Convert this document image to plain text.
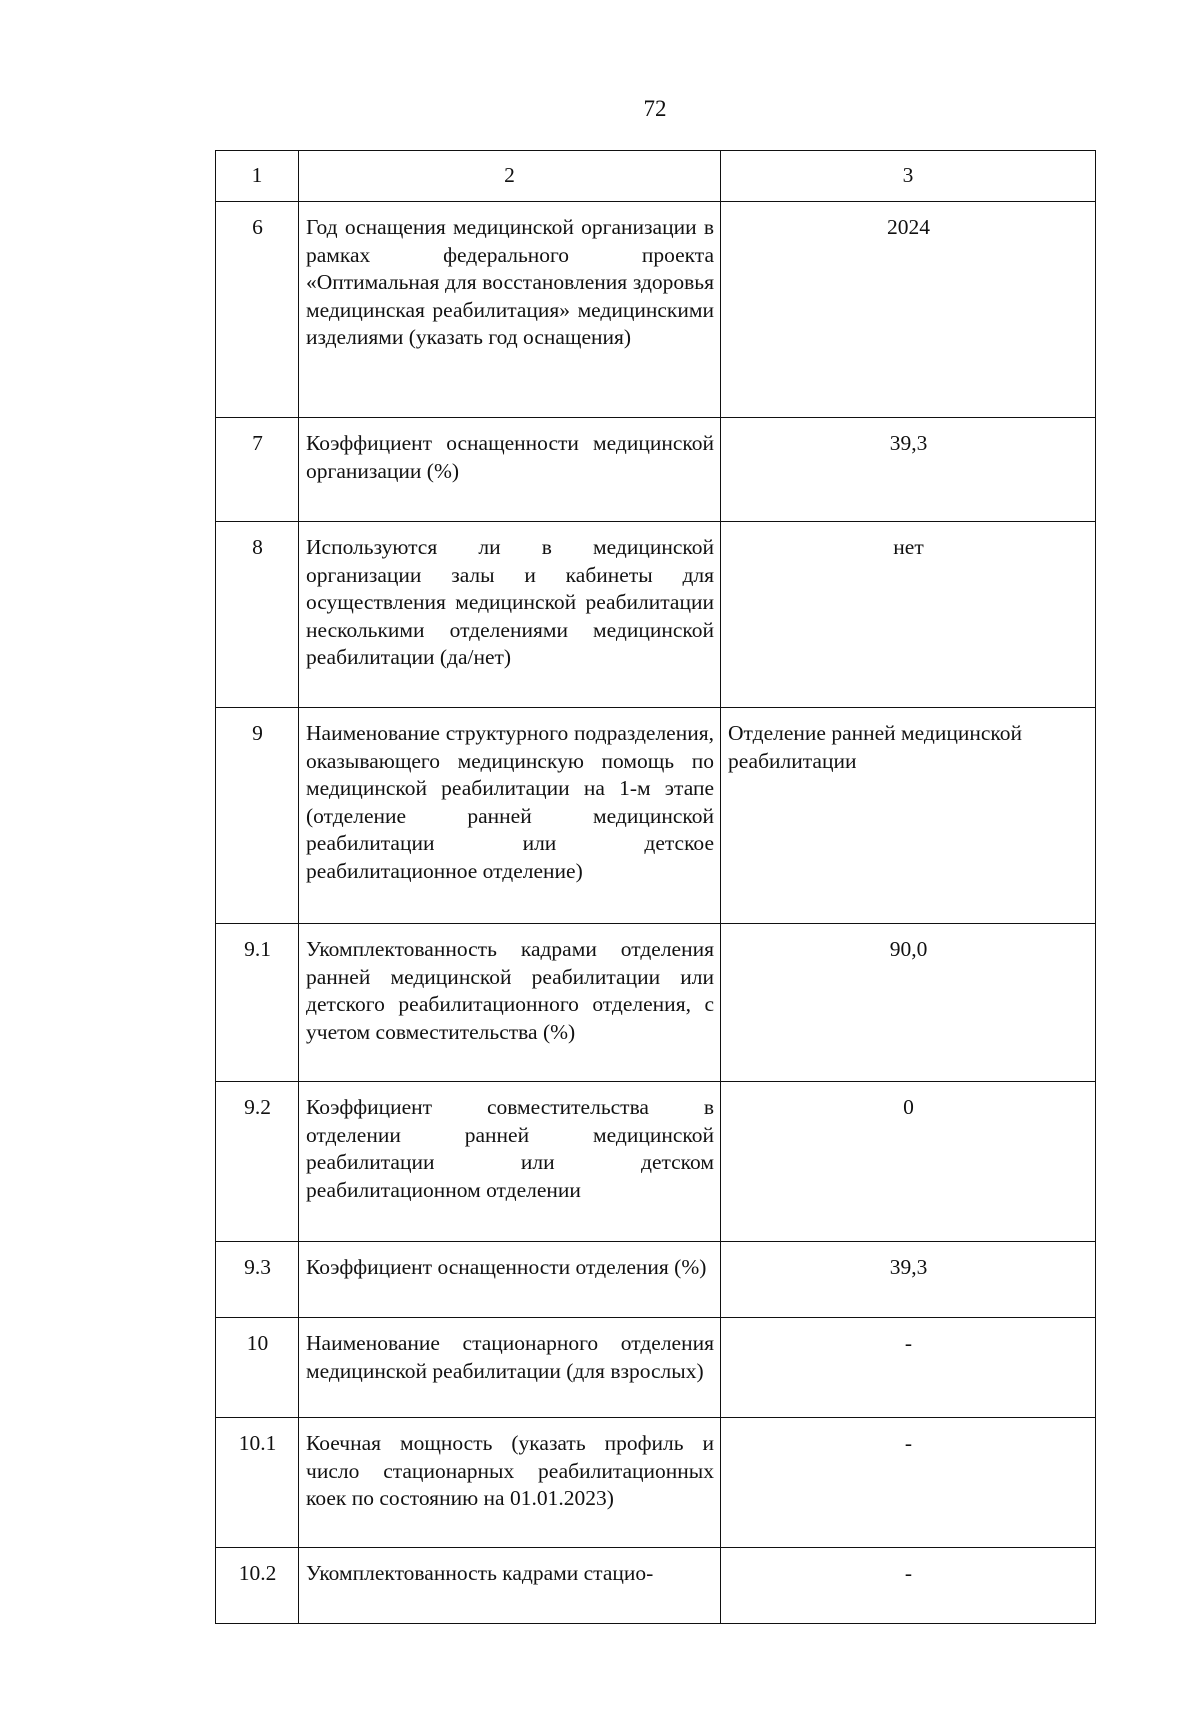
72
1	2	3
6	Год оснащения медицинской организации в рамках федерального проекта «Оптимальная для восстановления здоровья медицинская реабилитация» медицинскими изделиями (указать год оснащения)	2024
7	Коэффициент оснащенности медицинской организации (%)	39,3
8	Используются ли в медицинской организации залы и кабинеты для осуществления медицинской реабилитации несколькими отделениями медицинской реабилитации (да/нет)	нет
9	Наименование структурного подразделения, оказывающего медицинскую помощь по медицинской реабилитации на 1-м этапе (отделение ранней медицинской реабилитации или детское реабилитационное отделение)	Отделение ранней медицинской реабилитации
9.1	Укомплектованность кадрами отделения ранней медицинской реабилитации или детского реабилитационного отделения, с учетом совместительства (%)	90,0
9.2	Коэффициент совместительства в отделении ранней медицинской реабилитации или детском реабилитационном отделении	0
9.3	Коэффициент оснащенности отделения (%)	39,3
10	Наименование стационарного отделения медицинской реабилитации (для взрослых)	-
10.1	Коечная мощность (указать профиль и число стационарных реабилитационных коек по состоянию на 01.01.2023)	-
10.2	Укомплектованность кадрами стацио-	-
